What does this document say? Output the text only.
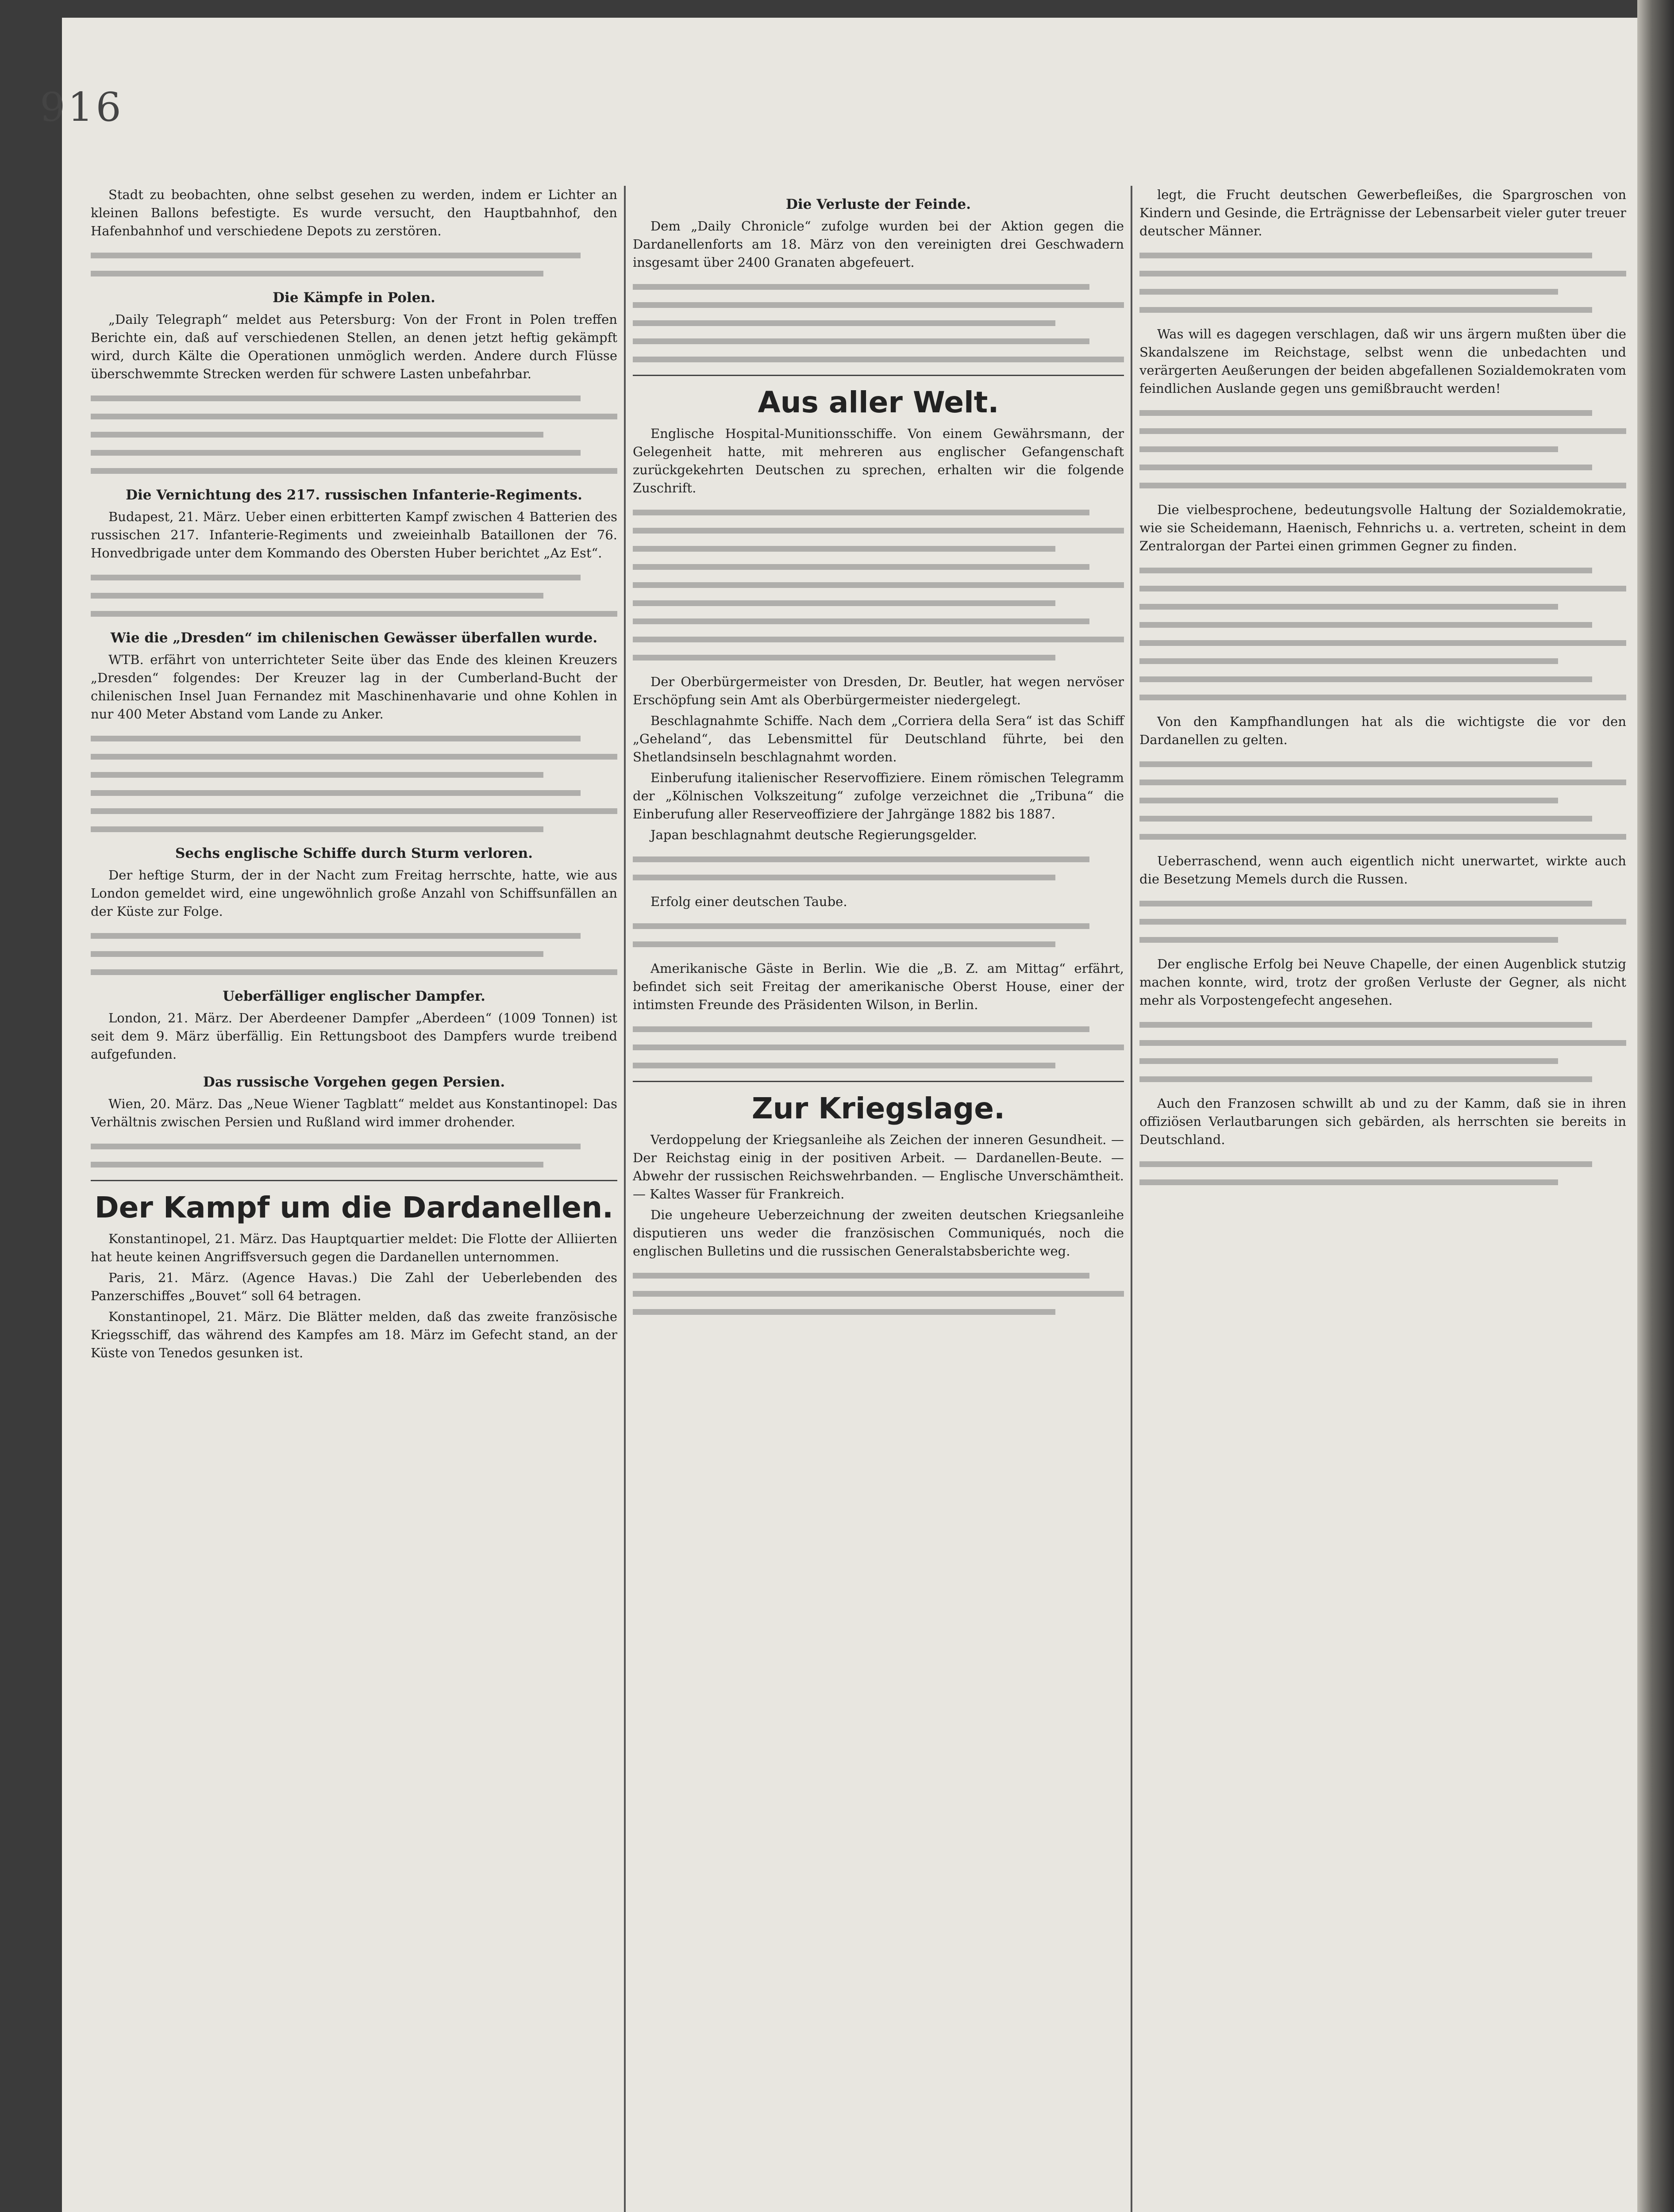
916

Stadt zu beobachten, ohne selbst gesehen zu werden, indem er Lichter an kleinen Ballons befestigte. Es wurde versucht, den Hauptbahnhof, den Hafenbahnhof und verschiedene Depots zu zerstören.

Die Kämpfe in Polen.

„Daily Telegraph“ meldet aus Petersburg: Von der Front in Polen treffen Berichte ein, daß auf verschiedenen Stellen, an denen jetzt heftig gekämpft wird, durch Kälte die Operationen unmöglich werden. Andere durch Flüsse überschwemmte Strecken werden für schwere Lasten unbefahrbar.

Die Vernichtung des 217. russischen Infanterie-Regiments.

Budapest, 21. März. Ueber einen erbitterten Kampf zwischen 4 Batterien des russischen 217. Infanterie-Regiments und zweieinhalb Bataillonen der 76. Honvedbrigade unter dem Kommando des Obersten Huber berichtet „Az Est“.

Wie die „Dresden“ im chilenischen Gewässer überfallen wurde.

WTB. erfährt von unterrichteter Seite über das Ende des kleinen Kreuzers „Dresden“ folgendes: Der Kreuzer lag in der Cumberland-Bucht der chilenischen Insel Juan Fernandez mit Maschinenhavarie und ohne Kohlen in nur 400 Meter Abstand vom Lande zu Anker.

Sechs englische Schiffe durch Sturm verloren.

Der heftige Sturm, der in der Nacht zum Freitag herrschte, hatte, wie aus London gemeldet wird, eine ungewöhnlich große Anzahl von Schiffsunfällen an der Küste zur Folge.

Ueberfälliger englischer Dampfer.

London, 21. März. Der Aberdeener Dampfer „Aberdeen“ (1009 Tonnen) ist seit dem 9. März überfällig. Ein Rettungsboot des Dampfers wurde treibend aufgefunden.

Das russische Vorgehen gegen Persien.

Wien, 20. März. Das „Neue Wiener Tagblatt“ meldet aus Konstantinopel: Das Verhältnis zwischen Persien und Rußland wird immer drohender.

Der Kampf um die Dardanellen.

Konstantinopel, 21. März. Das Hauptquartier meldet: Die Flotte der Alliierten hat heute keinen Angriffsversuch gegen die Dardanellen unternommen.

Paris, 21. März. (Agence Havas.) Die Zahl der Ueberlebenden des Panzerschiffes „Bouvet“ soll 64 betragen.

Konstantinopel, 21. März. Die Blätter melden, daß das zweite französische Kriegsschiff, das während des Kampfes am 18. März im Gefecht stand, an der Küste von Tenedos gesunken ist.

Die Verluste der Feinde.

Dem „Daily Chronicle“ zufolge wurden bei der Aktion gegen die Dardanellenforts am 18. März von den vereinigten drei Geschwadern insgesamt über 2400 Granaten abgefeuert.

Aus aller Welt.

Englische Hospital-Munitionsschiffe. Von einem Gewährsmann, der Gelegenheit hatte, mit mehreren aus englischer Gefangenschaft zurückgekehrten Deutschen zu sprechen, erhalten wir die folgende Zuschrift.

Der Oberbürgermeister von Dresden, Dr. Beutler, hat wegen nervöser Erschöpfung sein Amt als Oberbürgermeister niedergelegt.

Beschlagnahmte Schiffe. Nach dem „Corriera della Sera“ ist das Schiff „Geheland“, das Lebensmittel für Deutschland führte, bei den Shetlandsinseln beschlagnahmt worden.

Einberufung italienischer Reservoffiziere. Einem römischen Telegramm der „Kölnischen Volkszeitung“ zufolge verzeichnet die „Tribuna“ die Einberufung aller Reserveoffiziere der Jahrgänge 1882 bis 1887.

Japan beschlagnahmt deutsche Regierungsgelder.

Erfolg einer deutschen Taube.

Amerikanische Gäste in Berlin. Wie die „B. Z. am Mittag“ erfährt, befindet sich seit Freitag der amerikanische Oberst House, einer der intimsten Freunde des Präsidenten Wilson, in Berlin.

Zur Kriegslage.

Verdoppelung der Kriegsanleihe als Zeichen der inneren Gesundheit. — Der Reichstag einig in der positiven Arbeit. — Dardanellen-Beute. — Abwehr der russischen Reichswehrbanden. — Englische Unverschämtheit. — Kaltes Wasser für Frankreich.

Die ungeheure Ueberzeichnung der zweiten deutschen Kriegsanleihe disputieren uns weder die französischen Communiqués, noch die englischen Bulletins und die russischen Generalstabsberichte weg.

legt, die Frucht deutschen Gewerbefleißes, die Spargroschen von Kindern und Gesinde, die Erträgnisse der Lebensarbeit vieler guter treuer deutscher Männer.

Was will es dagegen verschlagen, daß wir uns ärgern mußten über die Skandalszene im Reichstage, selbst wenn die unbedachten und verärgerten Aeußerungen der beiden abgefallenen Sozialdemokraten vom feindlichen Auslande gegen uns gemißbraucht werden!

Die vielbesprochene, bedeutungsvolle Haltung der Sozialdemokratie, wie sie Scheidemann, Haenisch, Fehnrichs u. a. vertreten, scheint in dem Zentralorgan der Partei einen grimmen Gegner zu finden.

Von den Kampfhandlungen hat als die wichtigste die vor den Dardanellen zu gelten.

Ueberraschend, wenn auch eigentlich nicht unerwartet, wirkte auch die Besetzung Memels durch die Russen.

Der englische Erfolg bei Neuve Chapelle, der einen Augenblick stutzig machen konnte, wird, trotz der großen Verluste der Gegner, als nicht mehr als Vorpostengefecht angesehen.

Auch den Franzosen schwillt ab und zu der Kamm, daß sie in ihren offiziösen Verlautbarungen sich gebärden, als herrschten sie bereits in Deutschland.
